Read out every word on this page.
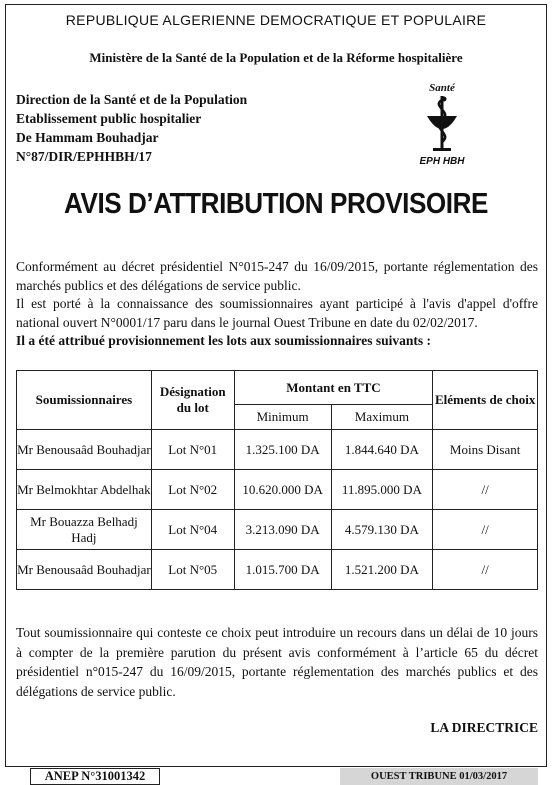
REPUBLIQUE ALGERIENNE DEMOCRATIQUE ET POPULAIRE
Ministère de la Santé de la Population et de la Réforme hospitalière
Direction de la Santé et de la Population
Etablissement public hospitalier
De Hammam Bouhadjar
N°87/DIR/EPHHBH/17
Santé
EPH HBH
AVIS D’ATTRIBUTION PROVISOIRE

Conformément au décret présidentiel N°015-247 du 16/09/2015, portante réglementation des marchés publics et des délégations de service public.

Il est porté à la connaissance des soumissionnaires ayant participé à l'avis d'appel d'offre national ouvert N°0001/17 paru dans le journal Ouest Tribune en date du 02/02/2017.

Il a été attribué provisionnement les lots aux soumissionnaires suivants :

Soumissionnaires	Désignation du lot	Montant en TTC		Eléments de choix
		Minimum	Maximum	
Mr Benousaâd Bouhadjar	Lot N°01	1.325.100 DA	1.844.640 DA	Moins Disant
Mr Belmokhtar Abdelhak	Lot N°02	10.620.000 DA	11.895.000 DA	//
Mr Bouazza Belhadj Hadj	Lot N°04	3.213.090 DA	4.579.130 DA	//
Mr Benousaâd Bouhadjar	Lot N°05	1.015.700 DA	1.521.200 DA	//
Tout soumissionnaire qui conteste ce choix peut introduire un recours dans un délai de 10 jours à compter de la première parution du présent avis conformément à l’article 65 du décret présidentiel n°015-247 du 16/09/2015, portante réglementation des marchés publics et des délégations de service public.
LA DIRECTRICE
ANEP N°31001342	OUEST TRIBUNE 01/03/2017
